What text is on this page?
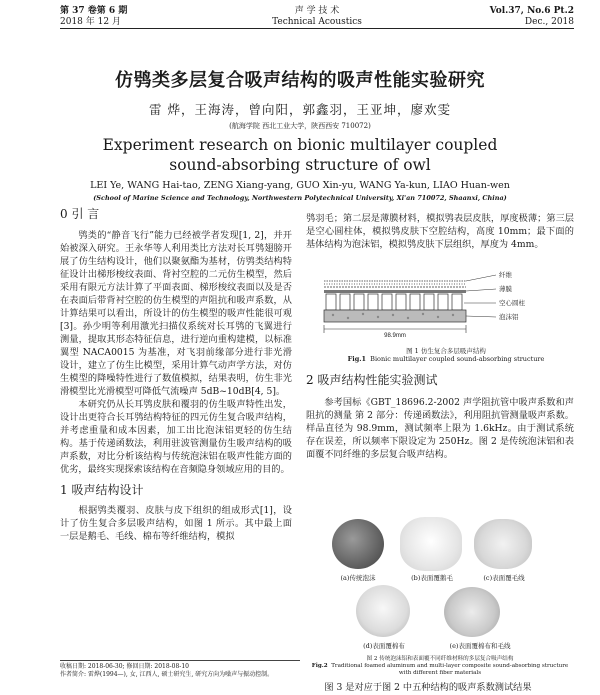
第 37 卷第 6 期
2018 年 12 月
声 学 技 术
Technical Acoustics
Vol.37, No.6 Pt.2
Dec., 2018
仿鸮类多层复合吸声结构的吸声性能实验研究
雷 烨，王海涛，曾向阳，郭鑫羽，王亚坤，廖欢雯
(航海学院 西北工业大学，陕西西安 710072)
Experiment research on bionic multilayer coupled
sound-absorbing structure of owl
LEI Ye, WANG Hai-tao, ZENG Xiang-yang, GUO Xin-yu, WANG Ya-kun, LIAO Huan-wen
(School of Marine Science and Technology, Northwestern Polytechnical University, Xi'an 710072, Shaanxi, China)
0 引 言

鸮类的“静音飞行”能力已经被学者发现[1, 2]，并开始被深入研究。王永华等人利用类比方法对长耳鸮翅膀开展了仿生结构设计，他们以聚氨酯为基材，仿鸮类结构特征设计出梯形梭纹表面、背衬空腔的二元仿生模型，然后采用有限元方法计算了平面表面、梯形梭纹表面以及是否在表面后带背衬空腔的仿生模型的声阻抗和吸声系数，从计算结果可以看出，所设计的仿生模型的吸声性能很可观[3]。孙少明等利用激光扫描仪系统对长耳鸮的飞翼进行测量，提取其形态特征信息，进行逆向重构建模，以标准翼型 NACA0015 为基准，对飞羽前缘部分进行非光滑设计，建立了仿生比模型，采用计算气动声学方法，对仿生模型的降噪特性进行了数值模拟，结果表明，仿生非光滑模型比光滑模型可降低气流噪声 5dB~10dB[4, 5]。

本研究仍从长耳鸮皮肤和覆羽的仿生吸声特性出发，设计出更符合长耳鸮结构特征的四元仿生复合吸声结构，并考虑重量和成本因素，加工出比泡沫铝更轻的仿生结构。基于传递函数法，利用驻波管测量仿生吸声结构的吸声系数，对比分析该结构与传统泡沫铝在吸声性能方面的优劣，最终实现探索该结构在音频隐身领域应用的目的。

1 吸声结构设计

根据鸮类覆羽、皮肤与皮下组织的组成形式[1]，设计了仿生复合多层吸声结构，如图 1 所示。其中最上面一层是鹅毛、毛线、棉布等纤维结构，模拟

鸮羽毛；第二层是薄膜材料，模拟鸮表层皮肤，厚度极薄；第三层是空心圆柱体，模拟鸮皮肤下空腔结构，高度 10mm；最下面的基体结构为泡沫铝，模拟鸮皮肤下层组织，厚度为 4mm。

98.9mm
纤维
薄膜
空心圆柱
泡沫铝
图 1 仿生复合多层吸声结构
Fig.1 Bionic multilayer coupled sound-absorbing structure
2 吸声结构性能实验测试

参考国标《GBT_18696.2-2002 声学阻抗管中吸声系数和声阻抗的测量 第 2 部分：传递函数法》，利用阻抗管测量吸声系数。样品直径为 98.9mm，测试频率上限为 1.6kHz。由于测试系统存在误差，所以频率下限设定为 250Hz。图 2 是传统泡沫铝和表面覆不同纤维的多层复合吸声结构。

(a)传统泡沫	(b)表面覆鹅毛	(c)表面覆毛线
(d)表面覆棉布	(e)表面覆棉布和毛线
图 2 传统泡沫铝和表面覆不同纤维材料的多层复合吸声结构
Fig.2 Traditional foamed aluminum and multi-layer composite sound-absorbing structure with different fiber materials

图 3 是对应于图 2 中五种结构的吸声系数测试结果

收稿日期: 2018-06-30; 修回日期: 2018-08-10
作者简介: 雷烨(1994—), 女, 江西人, 硕士研究生, 研究方向为噪声与振动控制。
